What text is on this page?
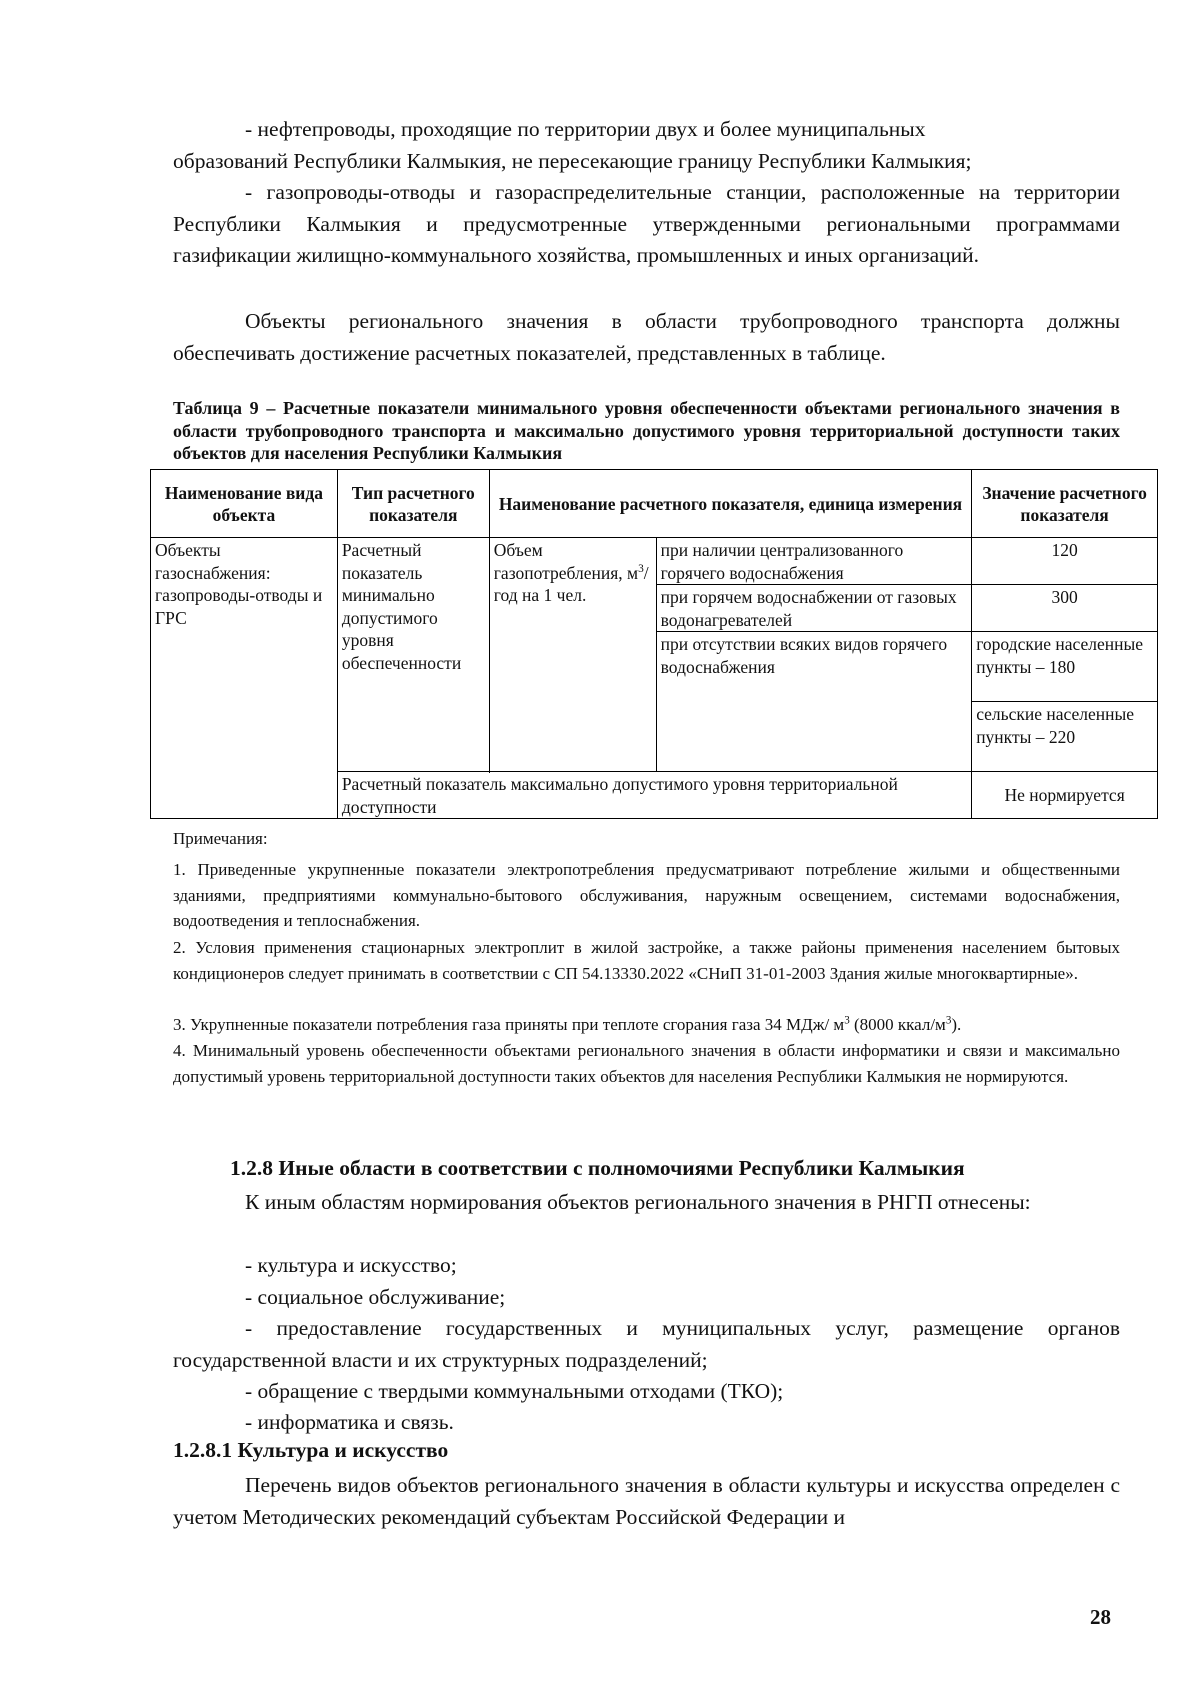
- нефтепроводы, проходящие по территории двух и более муниципальных

образований Республики Калмыкия, не пересекающие границу Республики Калмыкия;

- газопроводы-отводы и газораспределительные станции, расположенные на территории Республики Калмыкия и предусмотренные утвержденными региональными программами газификации жилищно-коммунального хозяйства, промышленных и иных организаций.

Объекты регионального значения в области трубопроводного транспорта должны обеспечивать достижение расчетных показателей, представленных в таблице.

Таблица 9 – Расчетные показатели минимального уровня обеспеченности объектами регионального значения в области трубопроводного транспорта и максимально допустимого уровня территориальной доступности таких объектов для населения Республики Калмыкия

Наименование вида объекта	Тип расчетного показателя	Наименование расчетного показателя, единица измерения		Значение расчетного показателя
Объекты газоснабжения: газопроводы-отводы и ГРС	Расчетный показатель минимально допустимого уровня обеспеченности	Объем газопотребления, $м^3$/год на 1 чел.	при наличии централизованного горячего водоснабжения	120
			при горячем водоснабжении от газовых водонагревателей	300
			при отсутствии всяких видов горячего водоснабжения	городские населенные пункты – 180
				сельские населенные пункты – 220

	Расчетный показатель максимально допустимого уровня территориальной доступности			Не нормируется

Примечания:

1. Приведенные укрупненные показатели электропотребления предусматривают потребление жилыми и общественными зданиями, предприятиями коммунально-бытового обслуживания, наружным освещением, системами водоснабжения, водоотведения и теплоснабжения.

2. Условия применения стационарных электроплит в жилой застройке, а также районы применения населением бытовых кондиционеров следует принимать в соответствии с СП 54.13330.2022 «СНиП 31-01-2003 Здания жилые многоквартирные».

3. Укрупненные показатели потребления газа приняты при теплоте сгорания газа 34 МДж/ $м^3$ (8000 ккал/$м^3$).

4. Минимальный уровень обеспеченности объектами регионального значения в области информатики и связи и максимально допустимый уровень территориальной доступности таких объектов для населения Республики Калмыкия не нормируются.

1.2.8 Иные области в соответствии с полномочиями Республики Калмыкия

К иным областям нормирования объектов регионального значения в РНГП отнесены:

- культура и искусство;

- социальное обслуживание;

- предоставление государственных и муниципальных услуг, размещение органов государственной власти и их структурных подразделений;

- обращение с твердыми коммунальными отходами (ТКО);

- информатика и связь.

1.2.8.1 Культура и искусство

Перечень видов объектов регионального значения в области культуры и искусства определен с учетом Методических рекомендаций субъектам Российской Федерации и

28
